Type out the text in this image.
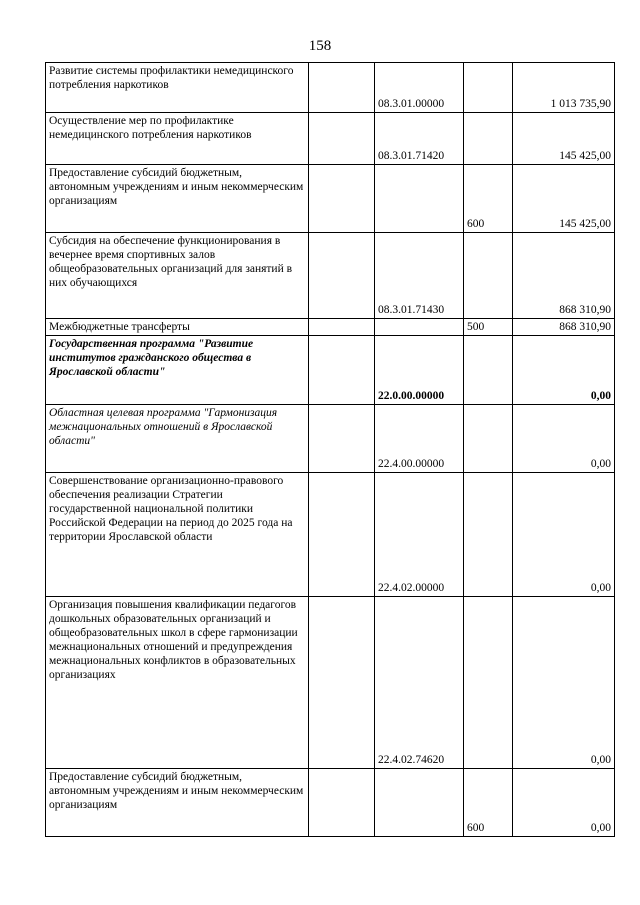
158
Развитие системы профилактики немедицинского потребления наркотиков		08.3.01.00000		1 013 735,90
Осуществление мер по профилактике немедицинского потребления наркотиков		08.3.01.71420		145 425,00
Предоставление субсидий бюджетным, автономным учреждениям и иным некоммерческим организациям			600	145 425,00
Субсидия на обеспечение функционирования в вечернее время спортивных залов общеобразовательных организаций для занятий в них обучающихся		08.3.01.71430		868 310,90
Межбюджетные трансферты			500	868 310,90
Государственная программа "Развитие институтов гражданского общества в Ярославской области"		22.0.00.00000		0,00
Областная целевая программа "Гармонизация межнациональных отношений в Ярославской области"		22.4.00.00000		0,00
Совершенствование организационно-правового обеспечения реализации Стратегии государственной национальной политики Российской Федерации на период до 2025 года на территории Ярославской области		22.4.02.00000		0,00
Организация повышения квалификации педагогов дошкольных образовательных организаций и общеобразовательных школ в сфере гармонизации межнациональных отношений и предупреждения межнациональных конфликтов в образовательных организациях		22.4.02.74620		0,00
Предоставление субсидий бюджетным, автономным учреждениям и иным некоммерческим организациям			600	0,00
